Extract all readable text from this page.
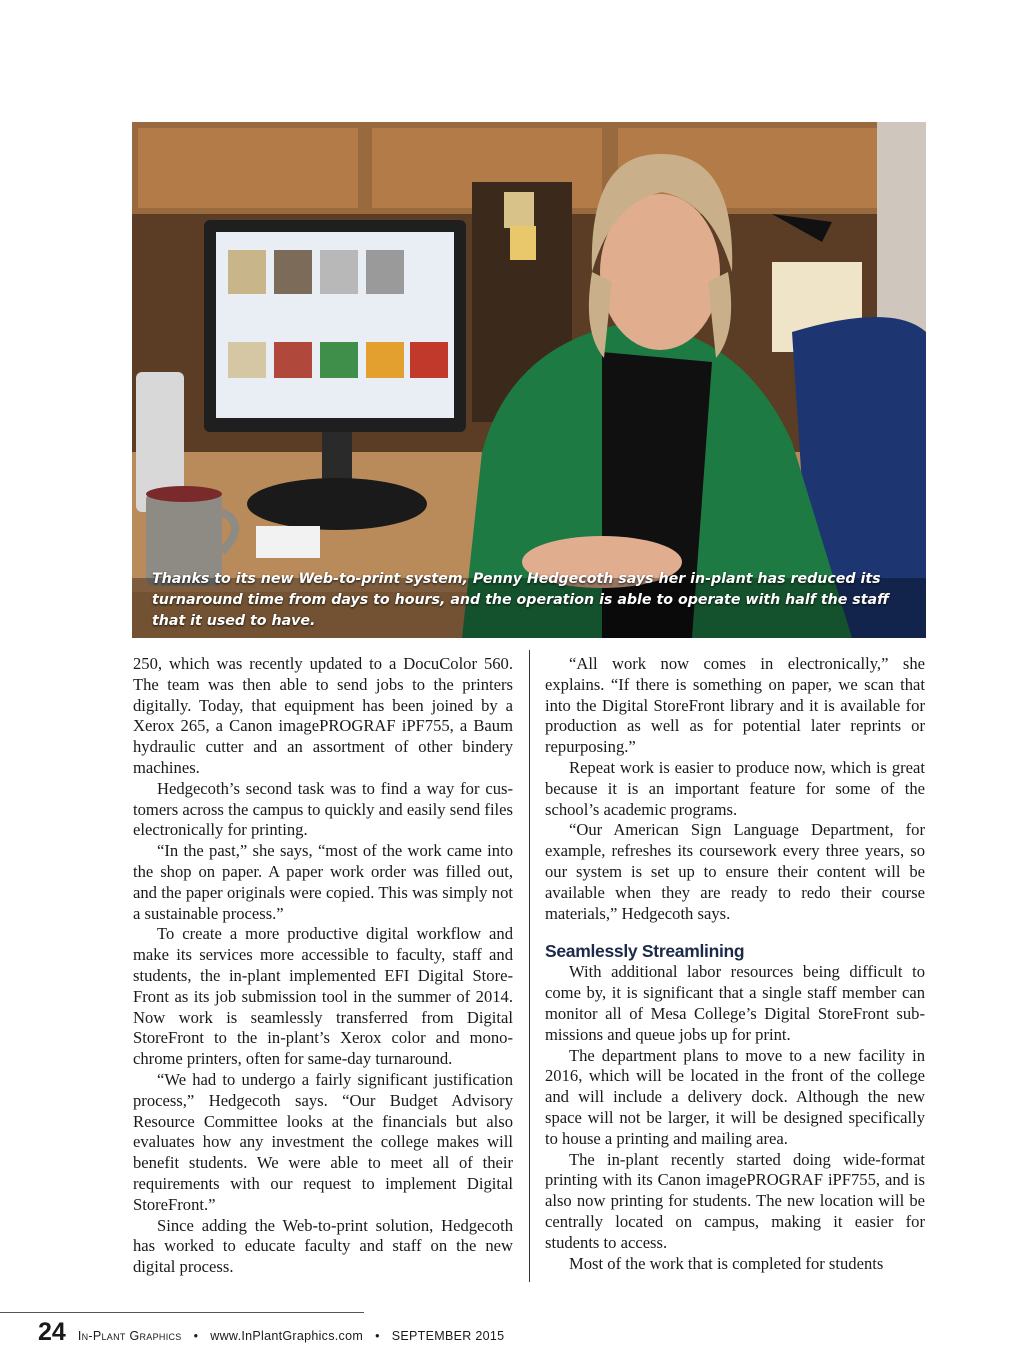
Thanks to its new Web-to-print system, Penny Hedgecoth says her in-plant has reduced its turnaround time from days to hours, and the operation is able to operate with half the staff that it used to have.

250, which was recently updated to a DocuColor 560. The team was then able to send jobs to the printers digitally. Today, that equipment has been joined by a Xerox 265, a Canon imagePROGRAF iPF755, a Baum hydraulic cutter and an assortment of other bindery machines.

Hedgecoth’s second task was to find a way for customers across the campus to quickly and easily send files electronically for printing.

“In the past,” she says, “most of the work came into the shop on paper. A paper work order was filled out, and the paper originals were copied. This was simply not a sustainable process.”

To create a more productive digital workflow and make its services more accessible to faculty, staff and students, the in-plant implemented EFI Digital StoreFront as its job submission tool in the summer of 2014. Now work is seamlessly transferred from Digital StoreFront to the in-plant’s Xerox color and monochrome printers, often for same-day turnaround.

“We had to undergo a fairly significant justification process,” Hedgecoth says. “Our Budget Advisory Resource Committee looks at the financials but also evaluates how any investment the college makes will benefit students. We were able to meet all of their requirements with our request to implement Digital StoreFront.”

Since adding the Web-to-print solution, Hedgecoth has worked to educate faculty and staff on the new digital process.

“All work now comes in electronically,” she explains. “If there is something on paper, we scan that into the Digital StoreFront library and it is available for production as well as for potential later reprints or repurposing.”

Repeat work is easier to produce now, which is great because it is an important feature for some of the school’s academic programs.

“Our American Sign Language Department, for example, refreshes its coursework every three years, so our system is set up to ensure their content will be available when they are ready to redo their course materials,” Hedgecoth says.

Seamlessly Streamlining

With additional labor resources being difficult to come by, it is significant that a single staff member can monitor all of Mesa College’s Digital StoreFront submissions and queue jobs up for print.

The department plans to move to a new facility in 2016, which will be located in the front of the college and will include a delivery dock. Although the new space will not be larger, it will be designed specifically to house a printing and mailing area.

The in-plant recently started doing wide-format printing with its Canon imagePROGRAF iPF755, and is also now printing for students. The new location will be centrally located on campus, making it easier for students to access.

Most of the work that is completed for students

24 In-Plant Graphics • www.InPlantGraphics.com • SEPTEMBER 2015
